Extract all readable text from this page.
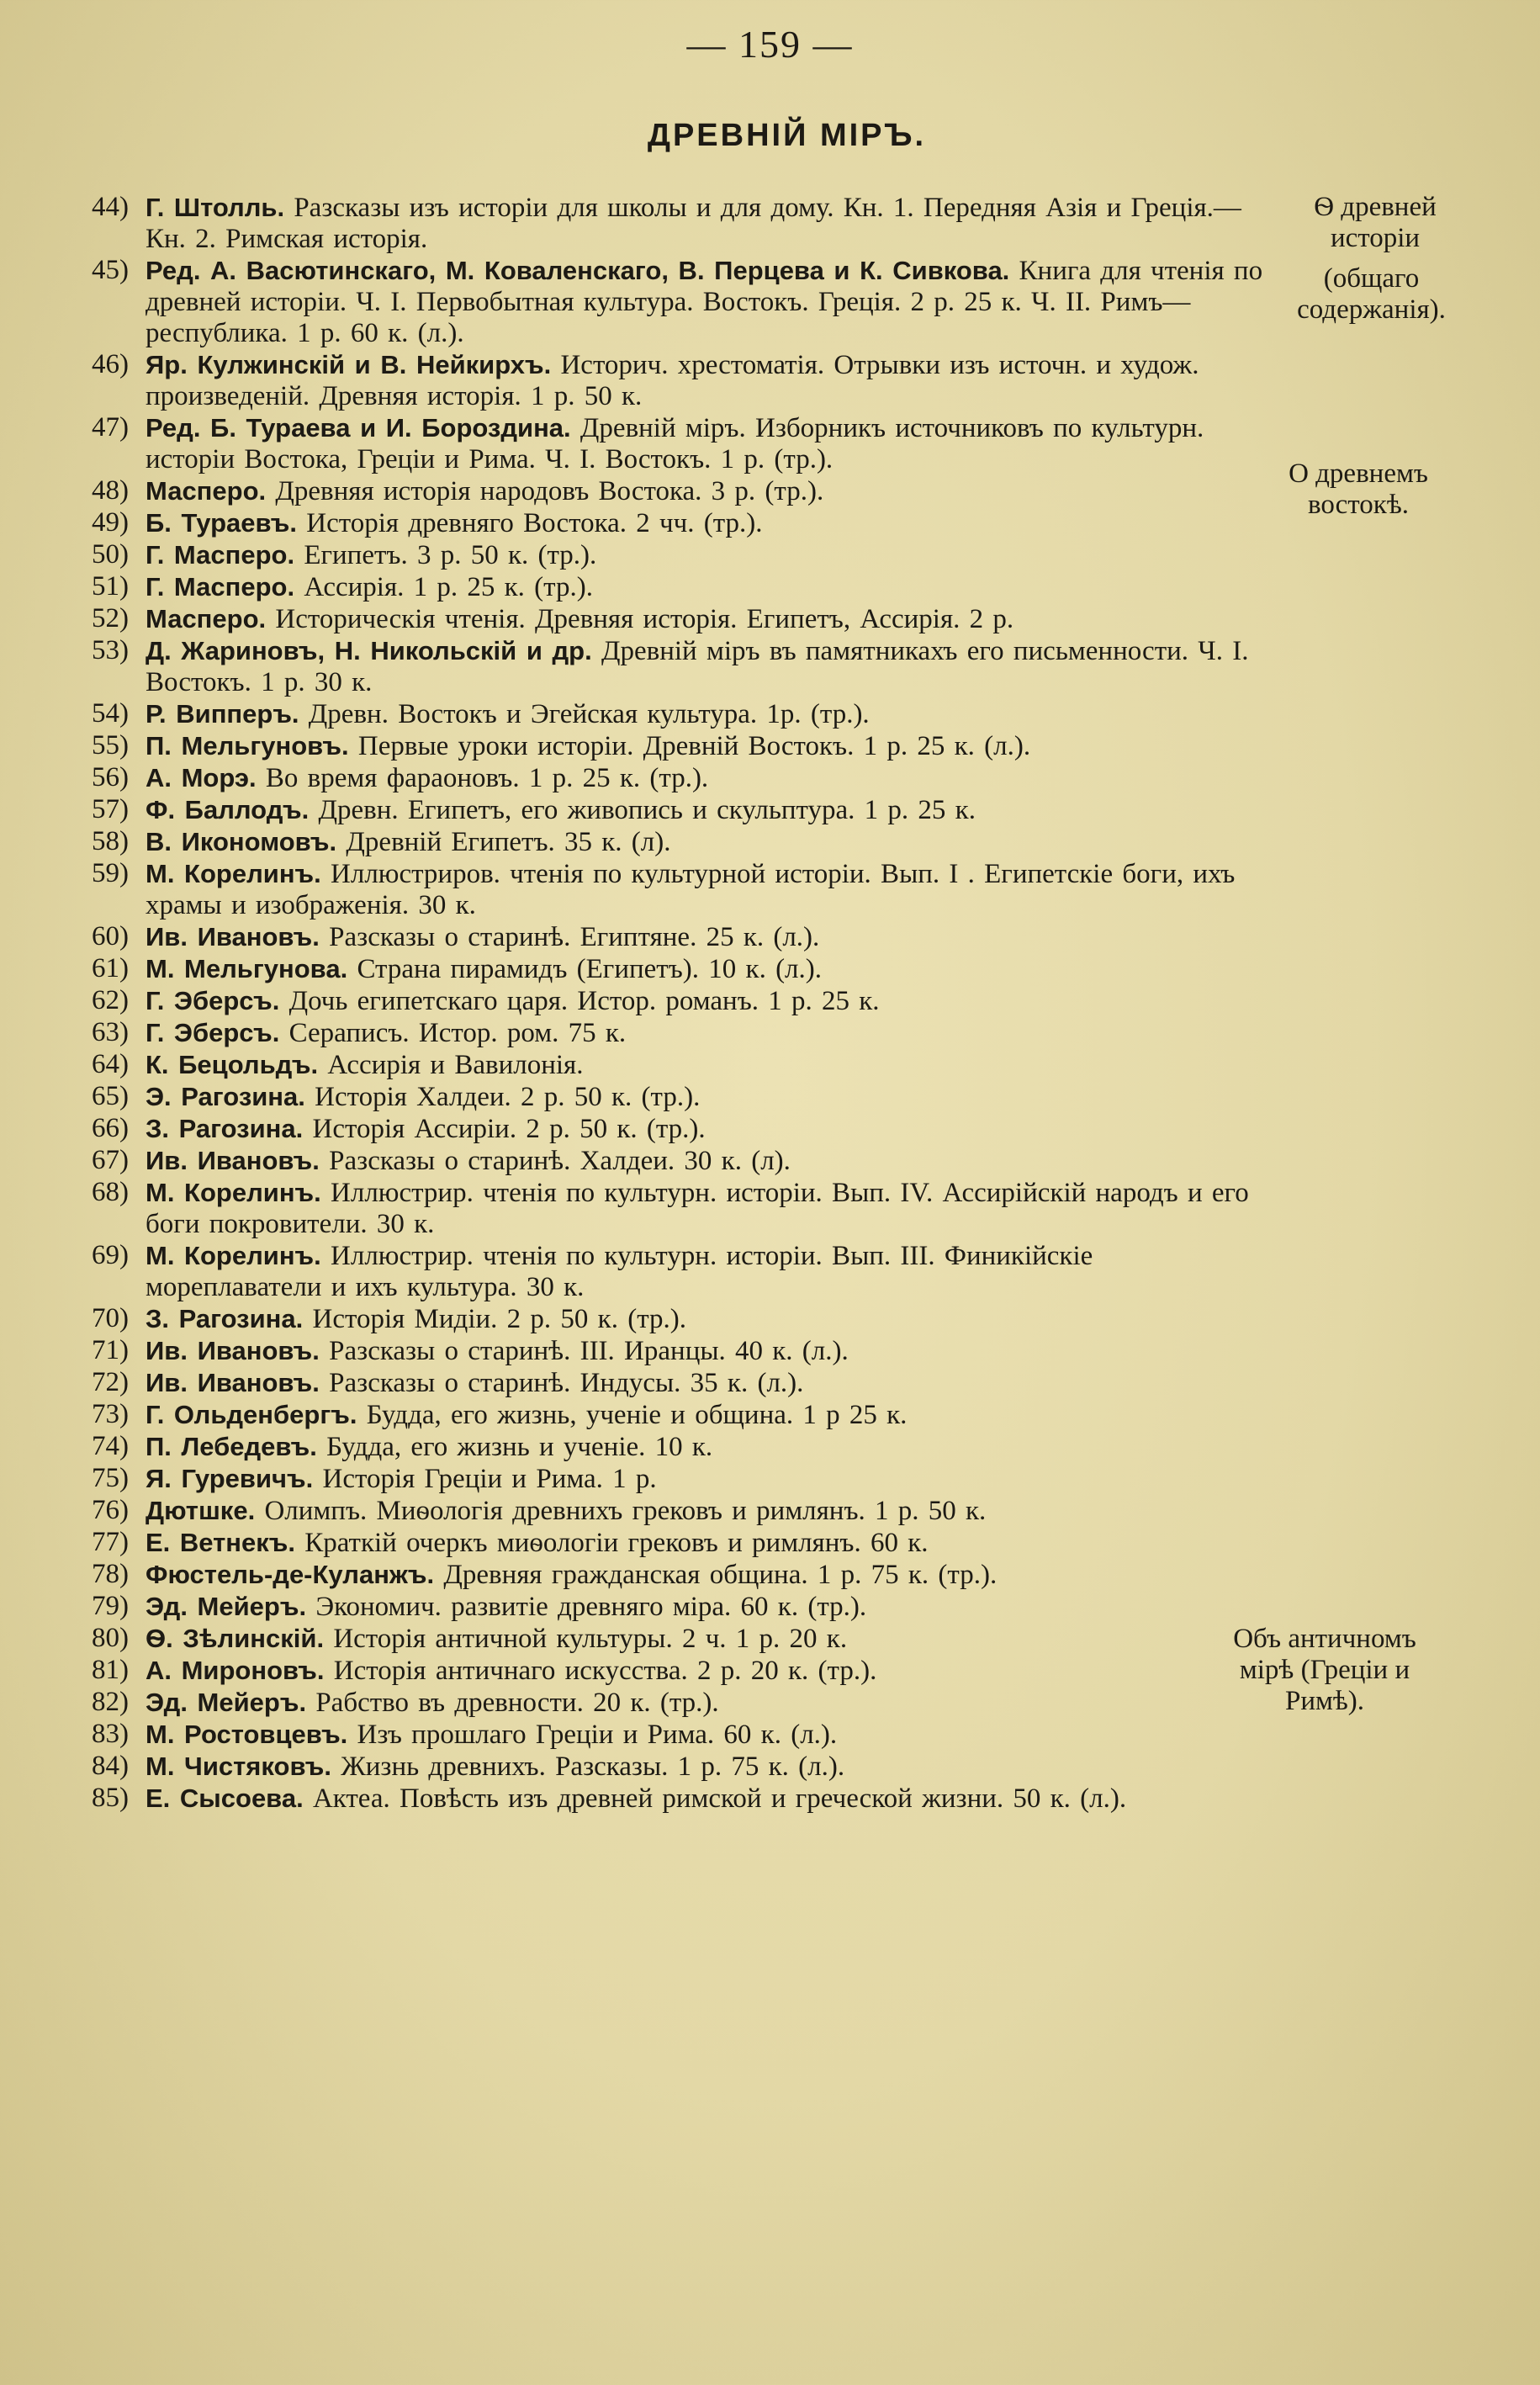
— 159 —
ДРЕВНІЙ МІРЪ.
44) Г. Штолль. Разсказы изъ исторіи для школы и для дому. Кн. 1. Передняя Азія и Греція.—Кн. 2. Римская исторія.
45) Ред. А. Васютинскаго, М. Коваленскаго, В. Перцева и К. Сивкова. Книга для чтенія по древней исторіи. Ч. I. Первобытная культура. Востокъ. Греція. 2 р. 25 к. Ч. II. Римъ—республика. 1 р. 60 к. (л.).
46) Яр. Кулжинскій и В. Нейкирхъ. Историч. хрестоматія. Отрывки изъ источн. и худож. произведеній. Древняя исторія. 1 р. 50 к.
47) Ред. Б. Тураева и И. Бороздина. Древній міръ. Изборникъ источниковъ по культурн. исторіи Востока, Греціи и Рима. Ч. I. Востокъ. 1 р. (тр.).
48) Масперо. Древняя исторія народовъ Востока. 3 р. (тр.).
49) Б. Тураевъ. Исторія древняго Востока. 2 чч. (тр.).
50) Г. Масперо. Египетъ. 3 р. 50 к. (тр.).
51) Г. Масперо. Ассирія. 1 р. 25 к. (тр.).
52) Масперо. Историческія чтенія. Древняя исторія. Египетъ, Ассирія. 2 р.
53) Д. Жариновъ, Н. Никольскій и др. Древній міръ въ памятникахъ его письменности. Ч. I. Востокъ. 1 р. 30 к.
54) Р. Випперъ. Древн. Востокъ и Эгейская культура. 1р. (тр.).
55) П. Мельгуновъ. Первые уроки исторіи. Древній Востокъ. 1 р. 25 к. (л.).
56) А. Морэ. Во время фараоновъ. 1 р. 25 к. (тр.).
57) Ф. Баллодъ. Древн. Египетъ, его живопись и скульптура. 1 р. 25 к.
58) В. Икономовъ. Древній Египетъ. 35 к. (л).
59) М. Корелинъ. Иллюстриров. чтенія по культурной исторіи. Вып. I . Египетскіе боги, ихъ храмы и изображенія. 30 к.
60) Ив. Ивановъ. Разсказы о старинѣ. Египтяне. 25 к. (л.).
61) М. Мельгунова. Страна пирамидъ (Египетъ). 10 к. (л.).
62) Г. Эберсъ. Дочь египетскаго царя. Истор. романъ. 1 р. 25 к.
63) Г. Эберсъ. Сераписъ. Истор. ром. 75 к.
64) К. Бецольдъ. Ассирія и Вавилонія.
65) Э. Рагозина. Исторія Халдеи. 2 р. 50 к. (тр.).
66) З. Рагозина. Исторія Ассиріи. 2 р. 50 к. (тр.).
67) Ив. Ивановъ. Разсказы о старинѣ. Халдеи. 30 к. (л).
68) М. Корелинъ. Иллюстрир. чтенія по культурн. исторіи. Вып. IV. Ассирійскій народъ и его боги покровители. 30 к.
69) М. Корелинъ. Иллюстрир. чтенія по культурн. исторіи. Вып. III. Финикійскіе мореплаватели и ихъ культура. 30 к.
70) З. Рагозина. Исторія Мидіи. 2 р. 50 к. (тр.).
71) Ив. Ивановъ. Разсказы о старинѣ. III. Иранцы. 40 к. (л.).
72) Ив. Ивановъ. Разсказы о старинѣ. Индусы. 35 к. (л.).
73) Г. Ольденбергъ. Будда, его жизнь, ученіе и община. 1 р 25 к.
74) П. Лебедевъ. Будда, его жизнь и ученіе. 10 к.
75) Я. Гуревичъ. Исторія Греціи и Рима. 1 р.
76) Дютшке. Олимпъ. Миѳологія древнихъ грековъ и римлянъ. 1 р. 50 к.
77) Е. Ветнекъ. Краткій очеркъ миѳологіи грековъ и римлянъ. 60 к.
78) Фюстель-де-Куланжъ. Древняя гражданская община. 1 р. 75 к. (тр.).
79) Эд. Мейеръ. Экономич. развитіе древняго міра. 60 к. (тр.).
80) Ѳ. Зѣлинскій. Исторія античной культуры. 2 ч. 1 р. 20 к.
81) А. Мироновъ. Исторія античнаго искусства. 2 р. 20 к. (тр.).
82) Эд. Мейеръ. Рабство въ древности. 20 к. (тр.).
83) М. Ростовцевъ. Изъ прошлаго Греціи и Рима. 60 к. (л.).
84) М. Чистяковъ. Жизнь древнихъ. Разсказы. 1 р. 75 к. (л.).
85) Е. Сысоева. Актеа. Повѣсть изъ древней римской и греческой жизни. 50 к. (л.).
Ѳ древней исторіи
(общаго содержанія).
О древнемъ востокѣ.
Объ античномъ мірѣ (Греціи и Римѣ).
